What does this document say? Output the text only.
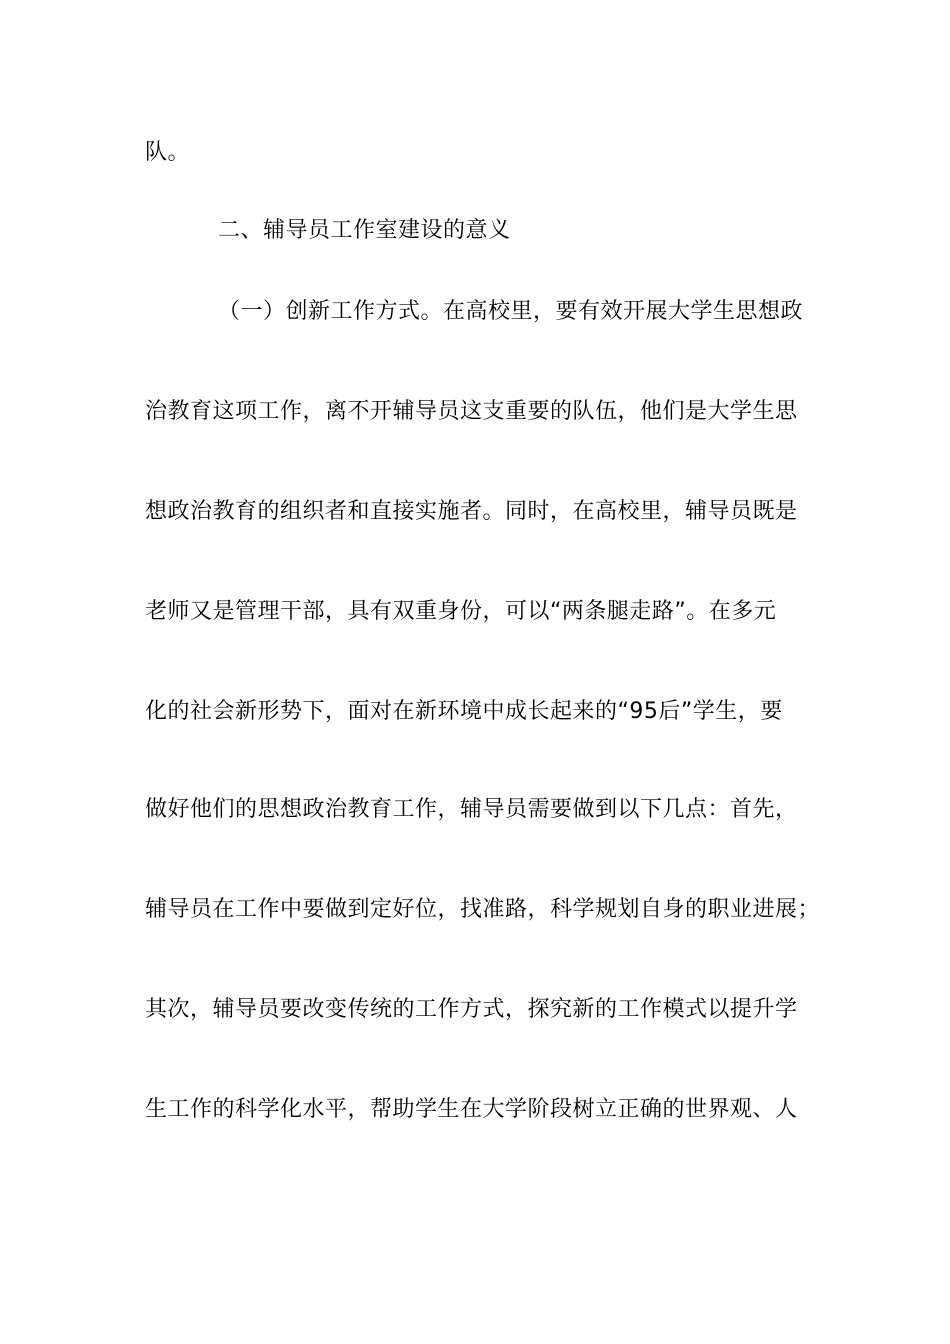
队。
二、辅导员工作室建设的意义
（一）创新工作方式。在高校里，要有效开展大学生思想政
治教育这项工作，离不开辅导员这支重要的队伍，他们是大学生思
想政治教育的组织者和直接实施者。同时，在高校里，辅导员既是
老师又是管理干部，具有双重身份，可以“两条腿走路”。在多元
化的社会新形势下，面对在新环境中成长起来的“95后”学生，要
做好他们的思想政治教育工作，辅导员需要做到以下几点：首先，
辅导员在工作中要做到定好位，找准路，科学规划自身的职业进展；
其次，辅导员要改变传统的工作方式，探究新的工作模式以提升学
生工作的科学化水平，帮助学生在大学阶段树立正确的世界观、人
